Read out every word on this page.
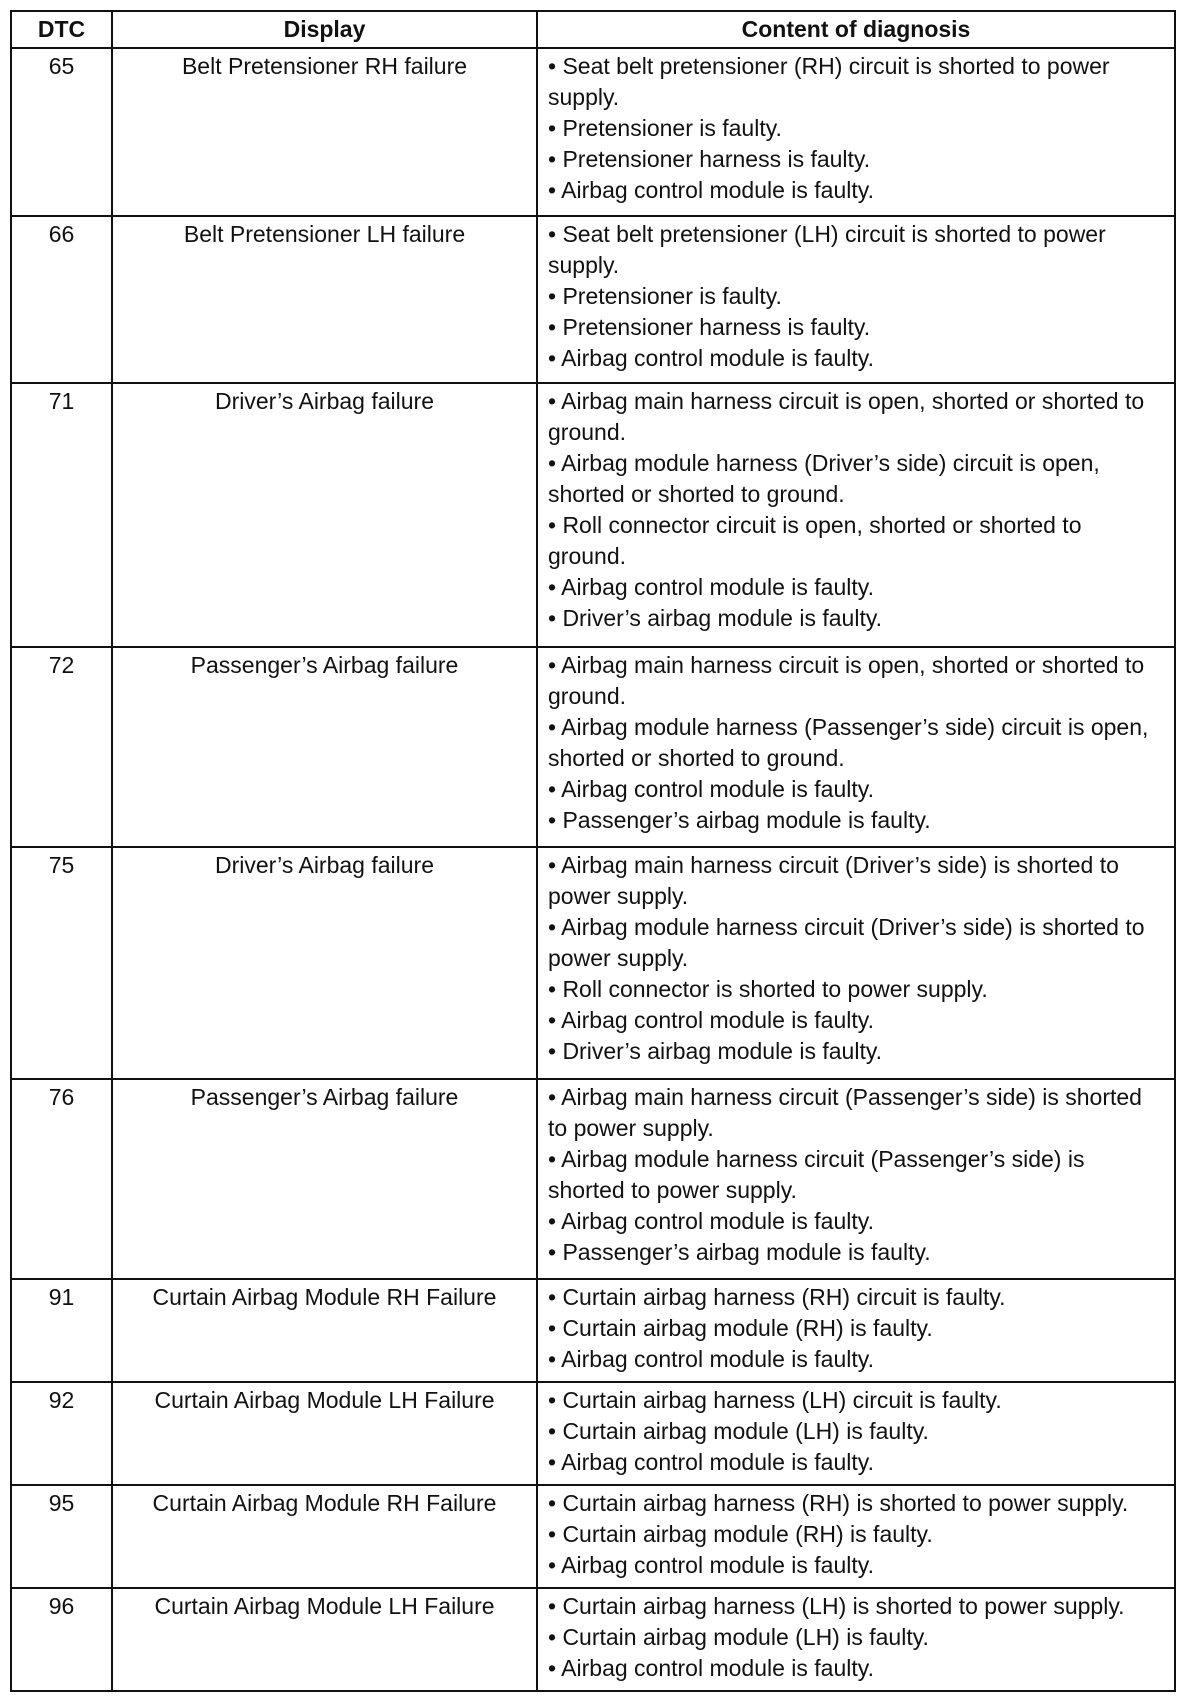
DTC	Display	Content of diagnosis
65	Belt Pretensioner RH failure	• Seat belt pretensioner (RH) circuit is shorted to power supply.
• Pretensioner is faulty.
• Pretensioner harness is faulty.
• Airbag control module is faulty.

66	Belt Pretensioner LH failure	• Seat belt pretensioner (LH) circuit is shorted to power supply.
• Pretensioner is faulty.
• Pretensioner harness is faulty.
• Airbag control module is faulty.

71	Driver’s Airbag failure	• Airbag main harness circuit is open, shorted or shorted to ground.
• Airbag module harness (Driver’s side) circuit is open, shorted or shorted to ground.
• Roll connector circuit is open, shorted or shorted to ground.
• Airbag control module is faulty.
• Driver’s airbag module is faulty.

72	Passenger’s Airbag failure	• Airbag main harness circuit is open, shorted or shorted to ground.
• Airbag module harness (Passenger’s side) circuit is open, shorted or shorted to ground.
• Airbag control module is faulty.
• Passenger’s airbag module is faulty.

75	Driver’s Airbag failure	• Airbag main harness circuit (Driver’s side) is shorted to power supply.
• Airbag module harness circuit (Driver’s side) is shorted to power supply.
• Roll connector is shorted to power supply.
• Airbag control module is faulty.
• Driver’s airbag module is faulty.

76	Passenger’s Airbag failure	• Airbag main harness circuit (Passenger’s side) is shorted to power supply.
• Airbag module harness circuit (Passenger’s side) is shorted to power supply.
• Airbag control module is faulty.
• Passenger’s airbag module is faulty.

91	Curtain Airbag Module RH Failure	• Curtain airbag harness (RH) circuit is faulty.
• Curtain airbag module (RH) is faulty.
• Airbag control module is faulty.

92	Curtain Airbag Module LH Failure	• Curtain airbag harness (LH) circuit is faulty.
• Curtain airbag module (LH) is faulty.
• Airbag control module is faulty.

95	Curtain Airbag Module RH Failure	• Curtain airbag harness (RH) is shorted to power supply.
• Curtain airbag module (RH) is faulty.
• Airbag control module is faulty.

96	Curtain Airbag Module LH Failure	• Curtain airbag harness (LH) is shorted to power supply.
• Curtain airbag module (LH) is faulty.
• Airbag control module is faulty.
